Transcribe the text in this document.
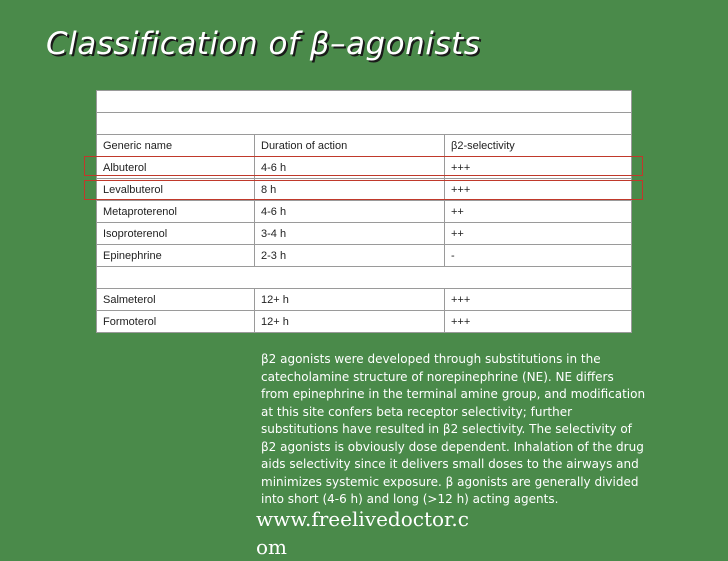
Classification of β–agonists
Table 1. Beta Agonists		
Short acting		
Generic name	Duration of action	β2-selectivity
Albuterol	4-6 h	+++
Levalbuterol	8 h	+++
Metaproterenol	4-6 h	++
Isoproterenol	3-4 h	++
Epinephrine	2-3 h	-
Long acting		
Salmeterol	12+ h	+++
Formoterol	12+ h	+++
β2 agonists were developed through substitutions in the
catecholamine structure of norepinephrine (NE). NE differs
from epinephrine in the terminal amine group, and modification
at this site confers beta receptor selectivity; further
substitutions have resulted in β2 selectivity. The selectivity of
β2 agonists is obviously dose dependent. Inhalation of the drug
aids selectivity since it delivers small doses to the airways and
minimizes systemic exposure. β agonists are generally divided
into short (4-6 h) and long (>12 h) acting agents.
www.freelivedoctor.c
om
